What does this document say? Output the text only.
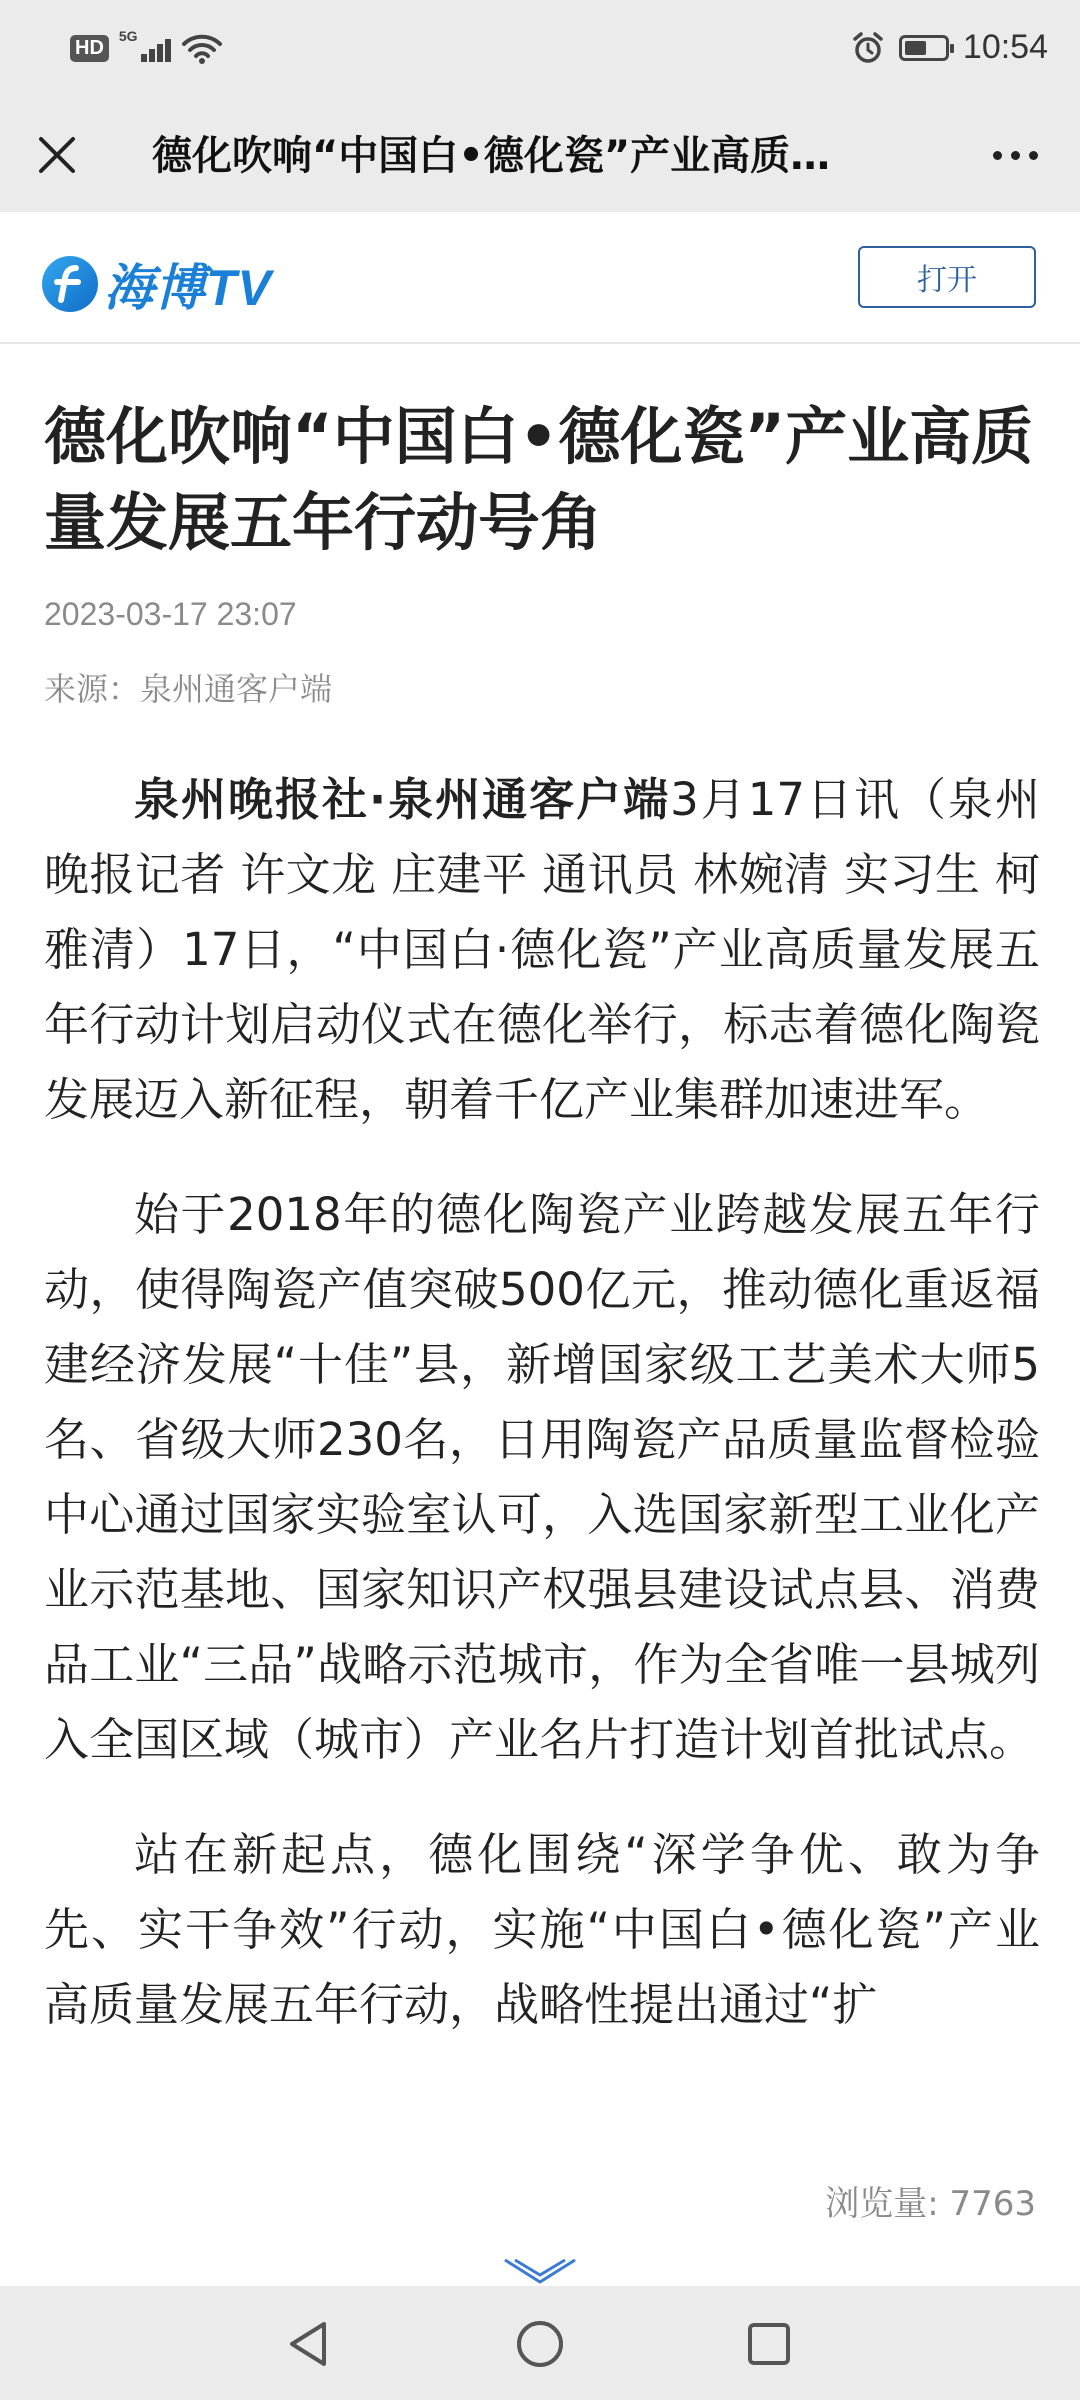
HD
5G	10:54
德化吹响“中国白•德化瓷”产业高质…
海博TV	打开
德化吹响“中国白•德化瓷”产业高质量发展五年行动号角
2023-03-17 23:07
来源：泉州通客户端

泉州晚报社·泉州通客户端3月17日讯（泉州晚报记者 许文龙 庄建平 通讯员 林婉清 实习生 柯雅清）17日，“中国白·德化瓷”产业高质量发展五年行动计划启动仪式在德化举行，标志着德化陶瓷发展迈入新征程，朝着千亿产业集群加速进军。

始于2018年的德化陶瓷产业跨越发展五年行动，使得陶瓷产值突破500亿元，推动德化重返福建经济发展“十佳”县，新增国家级工艺美术大师5名、省级大师230名，日用陶瓷产品质量监督检验中心通过国家实验室认可，入选国家新型工业化产业示范基地、国家知识产权强县建设试点县、消费品工业“三品”战略示范城市，作为全省唯一县城列入全国区域（城市）产业名片打造计划首批试点。

站在新起点，德化围绕“深学争优、敢为争先、实干争效”行动，实施“中国白•德化瓷”产业高质量发展五年行动，战略性提出通过“扩

浏览量: 7763
